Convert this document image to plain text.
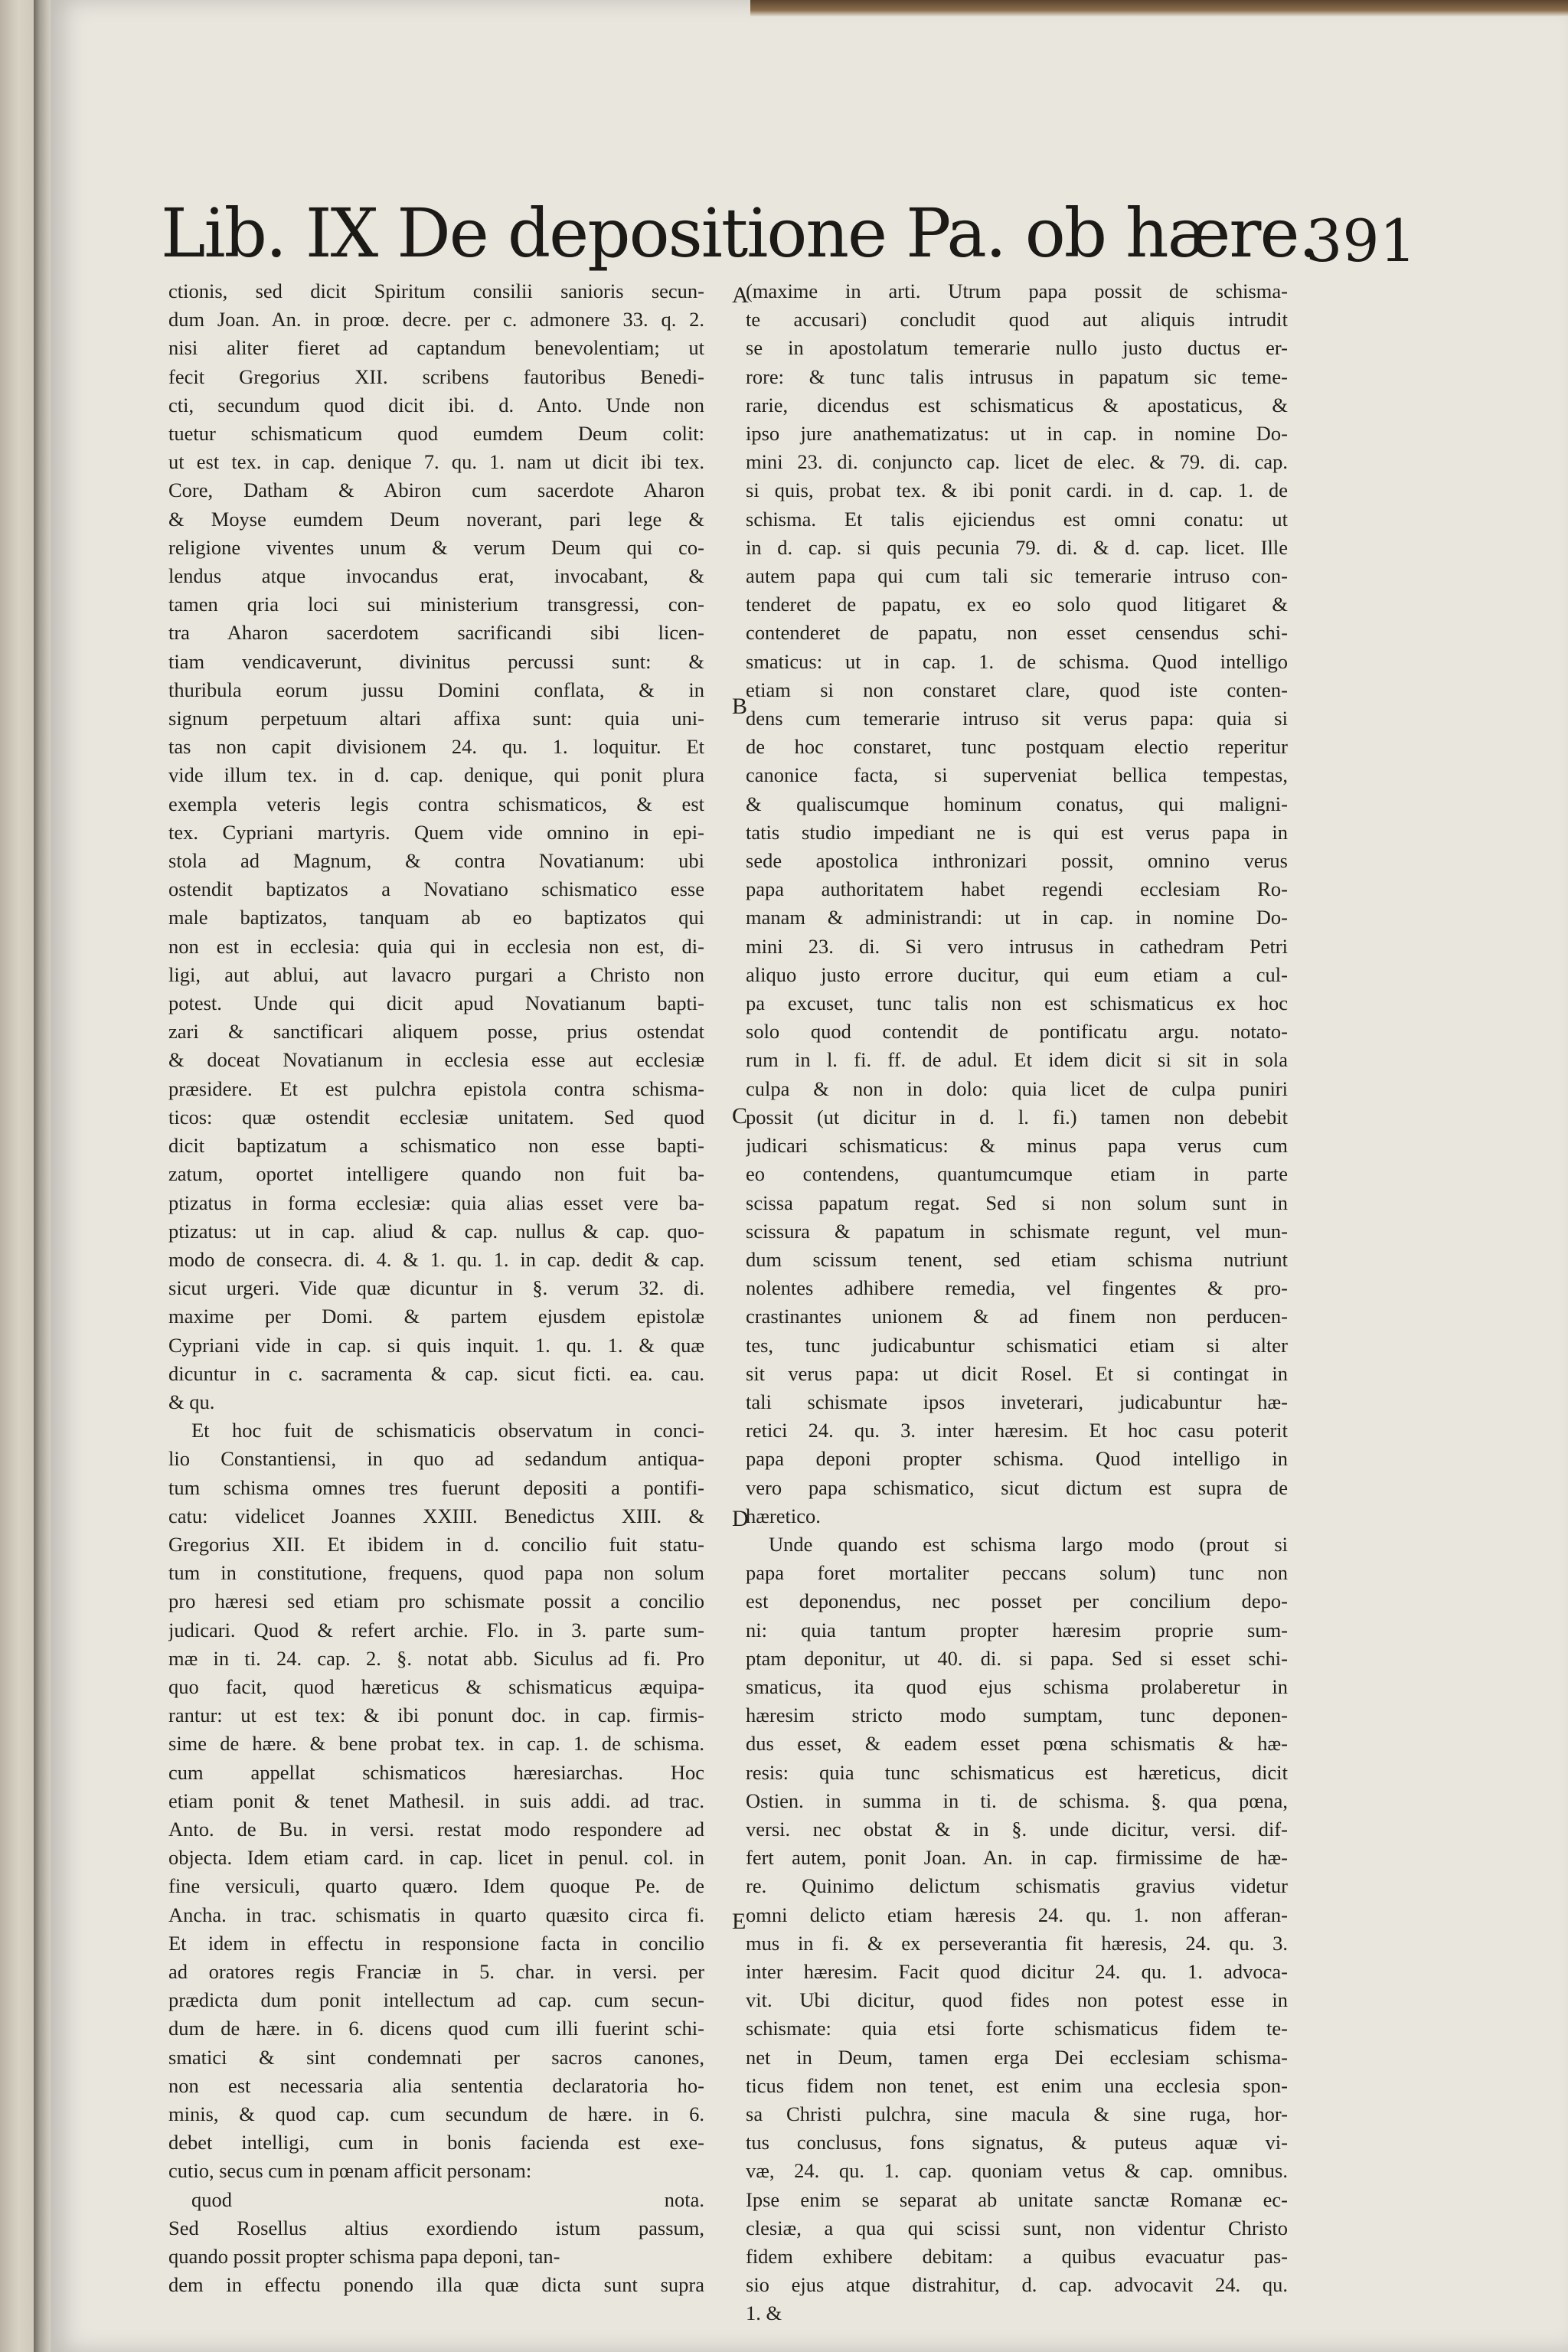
Lib. IX De depositione Pa. ob hære.
391
ctionis, sed dicit Spiritum consilii sanioris secun-
dum Joan. An. in proœ. decre. per c. admonere 33. q. 2.
nisi aliter fieret ad captandum benevolentiam; ut
fecit Gregorius XII. scribens fautoribus Benedi-
cti, secundum quod dicit ibi. d. Anto. Unde non
tuetur schismaticum quod eumdem Deum colit:
ut est tex. in cap. denique 7. qu. 1. nam ut dicit ibi tex.
Core, Datham & Abiron cum sacerdote Aharon
& Moyse eumdem Deum noverant, pari lege &
religione viventes unum & verum Deum qui co-
lendus atque invocandus erat, invocabant, &
tamen qria loci sui ministerium transgressi, con-
tra Aharon sacerdotem sacrificandi sibi licen-
tiam vendicaverunt, divinitus percussi sunt: &
thuribula eorum jussu Domini conflata, & in
signum perpetuum altari affixa sunt: quia uni-
tas non capit divisionem 24. qu. 1. loquitur. Et
vide illum tex. in d. cap. denique, qui ponit plura
exempla veteris legis contra schismaticos, & est
tex. Cypriani martyris. Quem vide omnino in epi-
stola ad Magnum, & contra Novatianum: ubi
ostendit baptizatos a Novatiano schismatico esse
male baptizatos, tanquam ab eo baptizatos qui
non est in ecclesia: quia qui in ecclesia non est, di-
ligi, aut ablui, aut lavacro purgari a Christo non
potest. Unde qui dicit apud Novatianum bapti-
zari & sanctificari aliquem posse, prius ostendat
& doceat Novatianum in ecclesia esse aut ecclesiæ
præsidere. Et est pulchra epistola contra schisma-
ticos: quæ ostendit ecclesiæ unitatem. Sed quod
dicit baptizatum a schismatico non esse bapti-
zatum, oportet intelligere quando non fuit ba-
ptizatus in forma ecclesiæ: quia alias esset vere ba-
ptizatus: ut in cap. aliud & cap. nullus & cap. quo-
modo de consecra. di. 4. & 1. qu. 1. in cap. dedit & cap.
sicut urgeri. Vide quæ dicuntur in §. verum 32. di.
maxime per Domi. & partem ejusdem epistolæ
Cypriani vide in cap. si quis inquit. 1. qu. 1. & quæ
dicuntur in c. sacramenta & cap. sicut ficti. ea. cau.
& qu.
Et hoc fuit de schismaticis observatum in conci-
lio Constantiensi, in quo ad sedandum antiqua-
tum schisma omnes tres fuerunt depositi a pontifi-
catu: videlicet Joannes XXIII. Benedictus XIII. &
Gregorius XII. Et ibidem in d. concilio fuit statu-
tum in constitutione, frequens, quod papa non solum
pro hæresi sed etiam pro schismate possit a concilio
judicari. Quod & refert archie. Flo. in 3. parte sum-
mæ in ti. 24. cap. 2. §. notat abb. Siculus ad fi. Pro
quo facit, quod hæreticus & schismaticus æquipa-
rantur: ut est tex: & ibi ponunt doc. in cap. firmis-
sime de hære. & bene probat tex. in cap. 1. de schisma.
cum appellat schismaticos hæresiarchas. Hoc
etiam ponit & tenet Mathesil. in suis addi. ad trac.
Anto. de Bu. in versi. restat modo respondere ad
objecta. Idem etiam card. in cap. licet in penul. col. in
fine versiculi, quarto quæro. Idem quoque Pe. de
Ancha. in trac. schismatis in quarto quæsito circa fi.
Et idem in effectu in responsione facta in concilio
ad oratores regis Franciæ in 5. char. in versi. per
prædicta dum ponit intellectum ad cap. cum secun-
dum de hære. in 6. dicens quod cum illi fuerint schi-
smatici & sint condemnati per sacros canones,
non est necessaria alia sententia declaratoria ho-
minis, & quod cap. cum secundum de hære. in 6.
debet intelligi, cum in bonis facienda est exe-
cutio, secus cum in pœnam afficit personam:
quod nota.
Sed Rosellus altius exordiendo istum passum,
quando possit propter schisma papa deponi, tan-
dem in effectu ponendo illa quæ dicta sunt supra
(maxime in arti. Utrum papa possit de schisma-
te accusari) concludit quod aut aliquis intrudit
se in apostolatum temerarie nullo justo ductus er-
rore: & tunc talis intrusus in papatum sic teme-
rarie, dicendus est schismaticus & apostaticus, &
ipso jure anathematizatus: ut in cap. in nomine Do-
mini 23. di. conjuncto cap. licet de elec. & 79. di. cap.
si quis, probat tex. & ibi ponit cardi. in d. cap. 1. de
schisma. Et talis ejiciendus est omni conatu: ut
in d. cap. si quis pecunia 79. di. & d. cap. licet. Ille
autem papa qui cum tali sic temerarie intruso con-
tenderet de papatu, ex eo solo quod litigaret &
contenderet de papatu, non esset censendus schi-
smaticus: ut in cap. 1. de schisma. Quod intelligo
etiam si non constaret clare, quod iste conten-
dens cum temerarie intruso sit verus papa: quia si
de hoc constaret, tunc postquam electio reperitur
canonice facta, si superveniat bellica tempestas,
& qualiscumque hominum conatus, qui maligni-
tatis studio impediant ne is qui est verus papa in
sede apostolica inthronizari possit, omnino verus
papa authoritatem habet regendi ecclesiam Ro-
manam & administrandi: ut in cap. in nomine Do-
mini 23. di. Si vero intrusus in cathedram Petri
aliquo justo errore ducitur, qui eum etiam a cul-
pa excuset, tunc talis non est schismaticus ex hoc
solo quod contendit de pontificatu argu. notato-
rum in l. fi. ff. de adul. Et idem dicit si sit in sola
culpa & non in dolo: quia licet de culpa puniri
possit (ut dicitur in d. l. fi.) tamen non debebit
judicari schismaticus: & minus papa verus cum
eo contendens, quantumcumque etiam in parte
scissa papatum regat. Sed si non solum sunt in
scissura & papatum in schismate regunt, vel mun-
dum scissum tenent, sed etiam schisma nutriunt
nolentes adhibere remedia, vel fingentes & pro-
crastinantes unionem & ad finem non perducen-
tes, tunc judicabuntur schismatici etiam si alter
sit verus papa: ut dicit Rosel. Et si contingat in
tali schismate ipsos inveterari, judicabuntur hæ-
retici 24. qu. 3. inter hæresim. Et hoc casu poterit
papa deponi propter schisma. Quod intelligo in
vero papa schismatico, sicut dictum est supra de
hæretico.
Unde quando est schisma largo modo (prout si
papa foret mortaliter peccans solum) tunc non
est deponendus, nec posset per concilium depo-
ni: quia tantum propter hæresim proprie sum-
ptam deponitur, ut 40. di. si papa. Sed si esset schi-
smaticus, ita quod ejus schisma prolaberetur in
hæresim stricto modo sumptam, tunc deponen-
dus esset, & eadem esset pœna schismatis & hæ-
resis: quia tunc schismaticus est hæreticus, dicit
Ostien. in summa in ti. de schisma. §. qua pœna,
versi. nec obstat & in §. unde dicitur, versi. dif-
fert autem, ponit Joan. An. in cap. firmissime de hæ-
re. Quinimo delictum schismatis gravius videtur
omni delicto etiam hæresis 24. qu. 1. non afferan-
mus in fi. & ex perseverantia fit hæresis, 24. qu. 3.
inter hæresim. Facit quod dicitur 24. qu. 1. advoca-
vit. Ubi dicitur, quod fides non potest esse in
schismate: quia etsi forte schismaticus fidem te-
net in Deum, tamen erga Dei ecclesiam schisma-
ticus fidem non tenet, est enim una ecclesia spon-
sa Christi pulchra, sine macula & sine ruga, hor-
tus conclusus, fons signatus, & puteus aquæ vi-
væ, 24. qu. 1. cap. quoniam vetus & cap. omnibus.
Ipse enim se separat ab unitate sanctæ Romanæ ec-
clesiæ, a qua qui scissi sunt, non videntur Christo
fidem exhibere debitam: a quibus evacuatur pas-
sio ejus atque distrahitur, d. cap. advocavit 24. qu.
1. &
A
B
C
D
E
